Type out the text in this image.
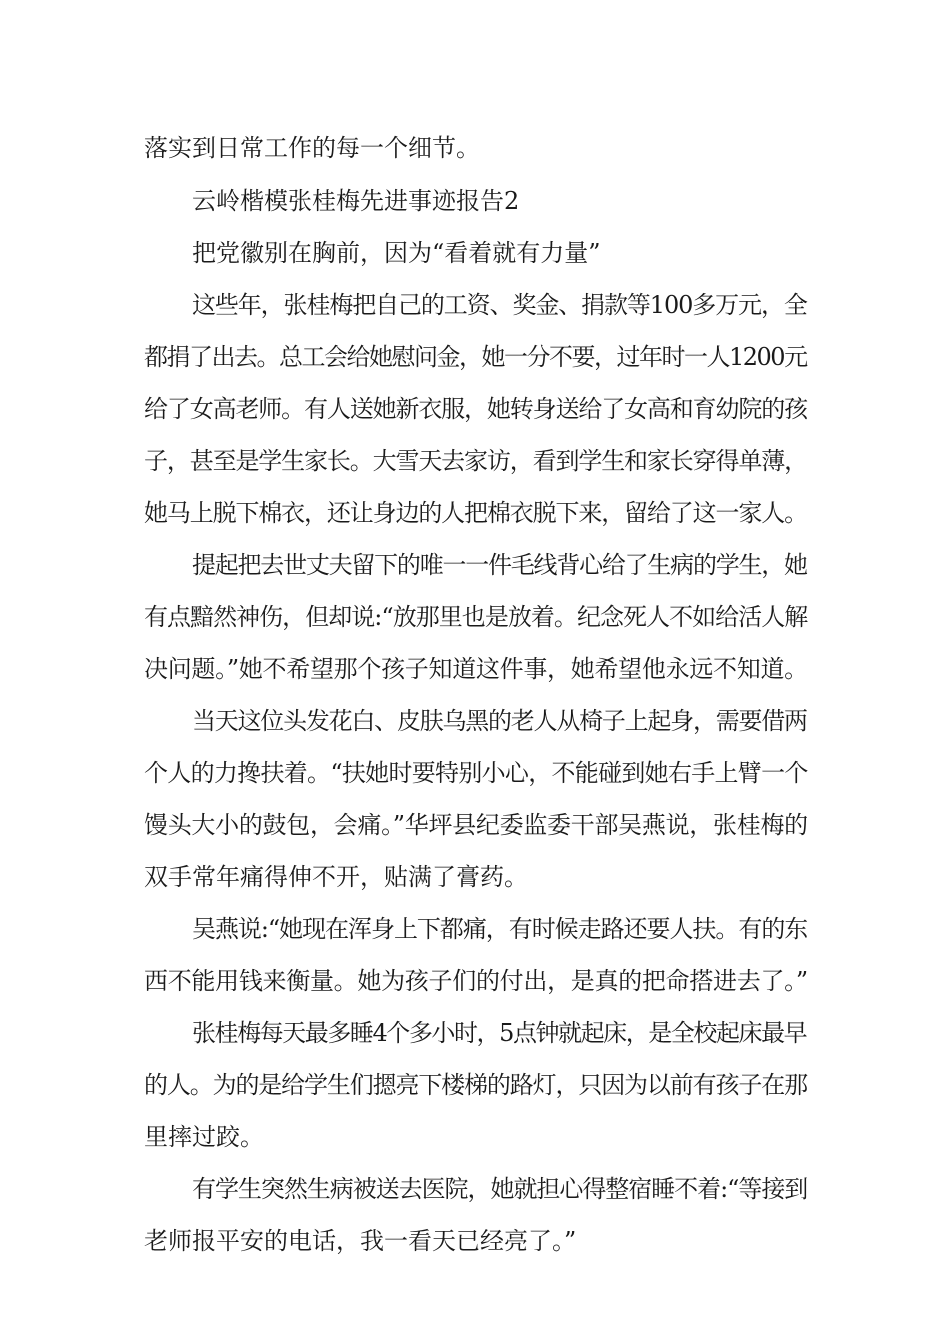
落实到日常工作的每一个细节。
云岭楷模张桂梅先进事迹报告2
把党徽别在胸前，因为“看着就有力量”
这些年，张桂梅把自己的工资、奖金、捐款等100多万元，全
都捐了出去。总工会给她慰问金，她一分不要，过年时一人1200元
给了女高老师。有人送她新衣服，她转身送给了女高和育幼院的孩
子，甚至是学生家长。大雪天去家访，看到学生和家长穿得单薄，
她马上脱下棉衣，还让身边的人把棉衣脱下来，留给了这一家人。
提起把去世丈夫留下的唯一一件毛线背心给了生病的学生，她
有点黯然神伤，但却说:“放那里也是放着。纪念死人不如给活人解
决问题。”她不希望那个孩子知道这件事，她希望他永远不知道。
当天这位头发花白、皮肤乌黑的老人从椅子上起身，需要借两
个人的力搀扶着。“扶她时要特别小心，不能碰到她右手上臂一个
馒头大小的鼓包，会痛。”华坪县纪委监委干部吴燕说，张桂梅的
双手常年痛得伸不开，贴满了膏药。
吴燕说:“她现在浑身上下都痛，有时候走路还要人扶。有的东
西不能用钱来衡量。她为孩子们的付出，是真的把命搭进去了。”
张桂梅每天最多睡4个多小时，5点钟就起床，是全校起床最早
的人。为的是给学生们摁亮下楼梯的路灯，只因为以前有孩子在那
里摔过跤。
有学生突然生病被送去医院，她就担心得整宿睡不着:“等接到
老师报平安的电话，我一看天已经亮了。”
